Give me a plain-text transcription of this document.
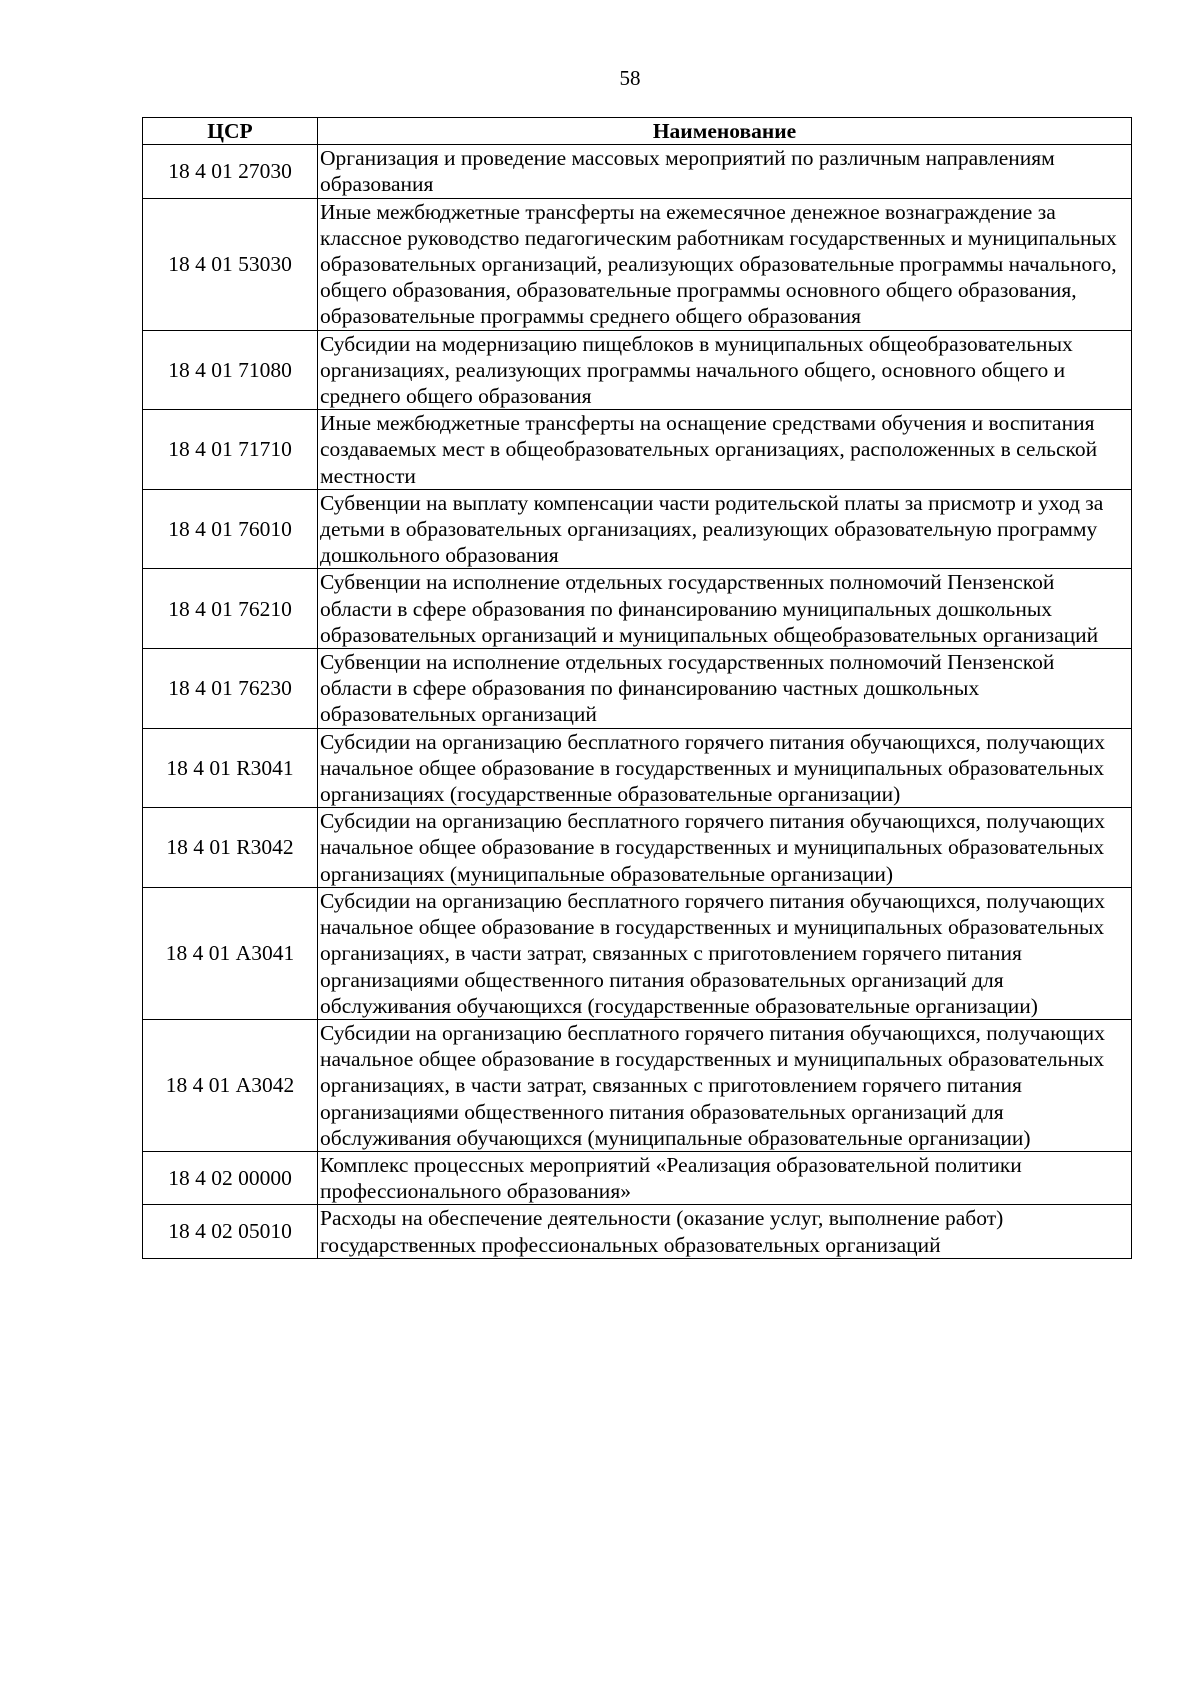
58
ЦСР	Наименование
18 4 01 27030	Организация и проведение массовых мероприятий по различным направлениям образования
18 4 01 53030	Иные межбюджетные трансферты на ежемесячное денежное вознаграждение за классное руководство педагогическим работникам государственных и муниципальных образовательных организаций, реализующих образовательные программы начального, общего образования, образовательные программы основного общего образования, образовательные программы среднего общего образования
18 4 01 71080	Субсидии на модернизацию пищеблоков в муниципальных общеобразовательных организациях, реализующих программы начального общего, основного общего и среднего общего образования
18 4 01 71710	Иные межбюджетные трансферты на оснащение средствами обучения и воспитания создаваемых мест в общеобразовательных организациях, расположенных в сельской местности
18 4 01 76010	Субвенции на выплату компенсации части родительской платы за присмотр и уход за детьми в образовательных организациях, реализующих образовательную программу дошкольного образования
18 4 01 76210	Субвенции на исполнение отдельных государственных полномочий Пензенской области в сфере образования по финансированию муниципальных дошкольных образовательных организаций и муниципальных общеобразовательных организаций
18 4 01 76230	Субвенции на исполнение отдельных государственных полномочий Пензенской области в сфере образования по финансированию частных дошкольных образовательных организаций
18 4 01 R3041	Субсидии на организацию бесплатного горячего питания обучающихся, получающих начальное общее образование в государственных и муниципальных образовательных организациях (государственные образовательные организации)
18 4 01 R3042	Субсидии на организацию бесплатного горячего питания обучающихся, получающих начальное общее образование в государственных и муниципальных образовательных организациях (муниципальные образовательные организации)
18 4 01 А3041	Субсидии на организацию бесплатного горячего питания обучающихся, получающих начальное общее образование в государственных и муниципальных образовательных организациях, в части затрат, связанных с приготовлением горячего питания организациями общественного питания образовательных организаций для обслуживания обучающихся (государственные образовательные организации)
18 4 01 А3042	Субсидии на организацию бесплатного горячего питания обучающихся, получающих начальное общее образование в государственных и муниципальных образовательных организациях, в части затрат, связанных с приготовлением горячего питания организациями общественного питания образовательных организаций для обслуживания обучающихся (муниципальные образовательные организации)
18 4 02 00000	Комплекс процессных мероприятий «Реализация образовательной политики профессионального образования»
18 4 02 05010	Расходы на обеспечение деятельности (оказание услуг, выполнение работ) государственных профессиональных образовательных организаций
